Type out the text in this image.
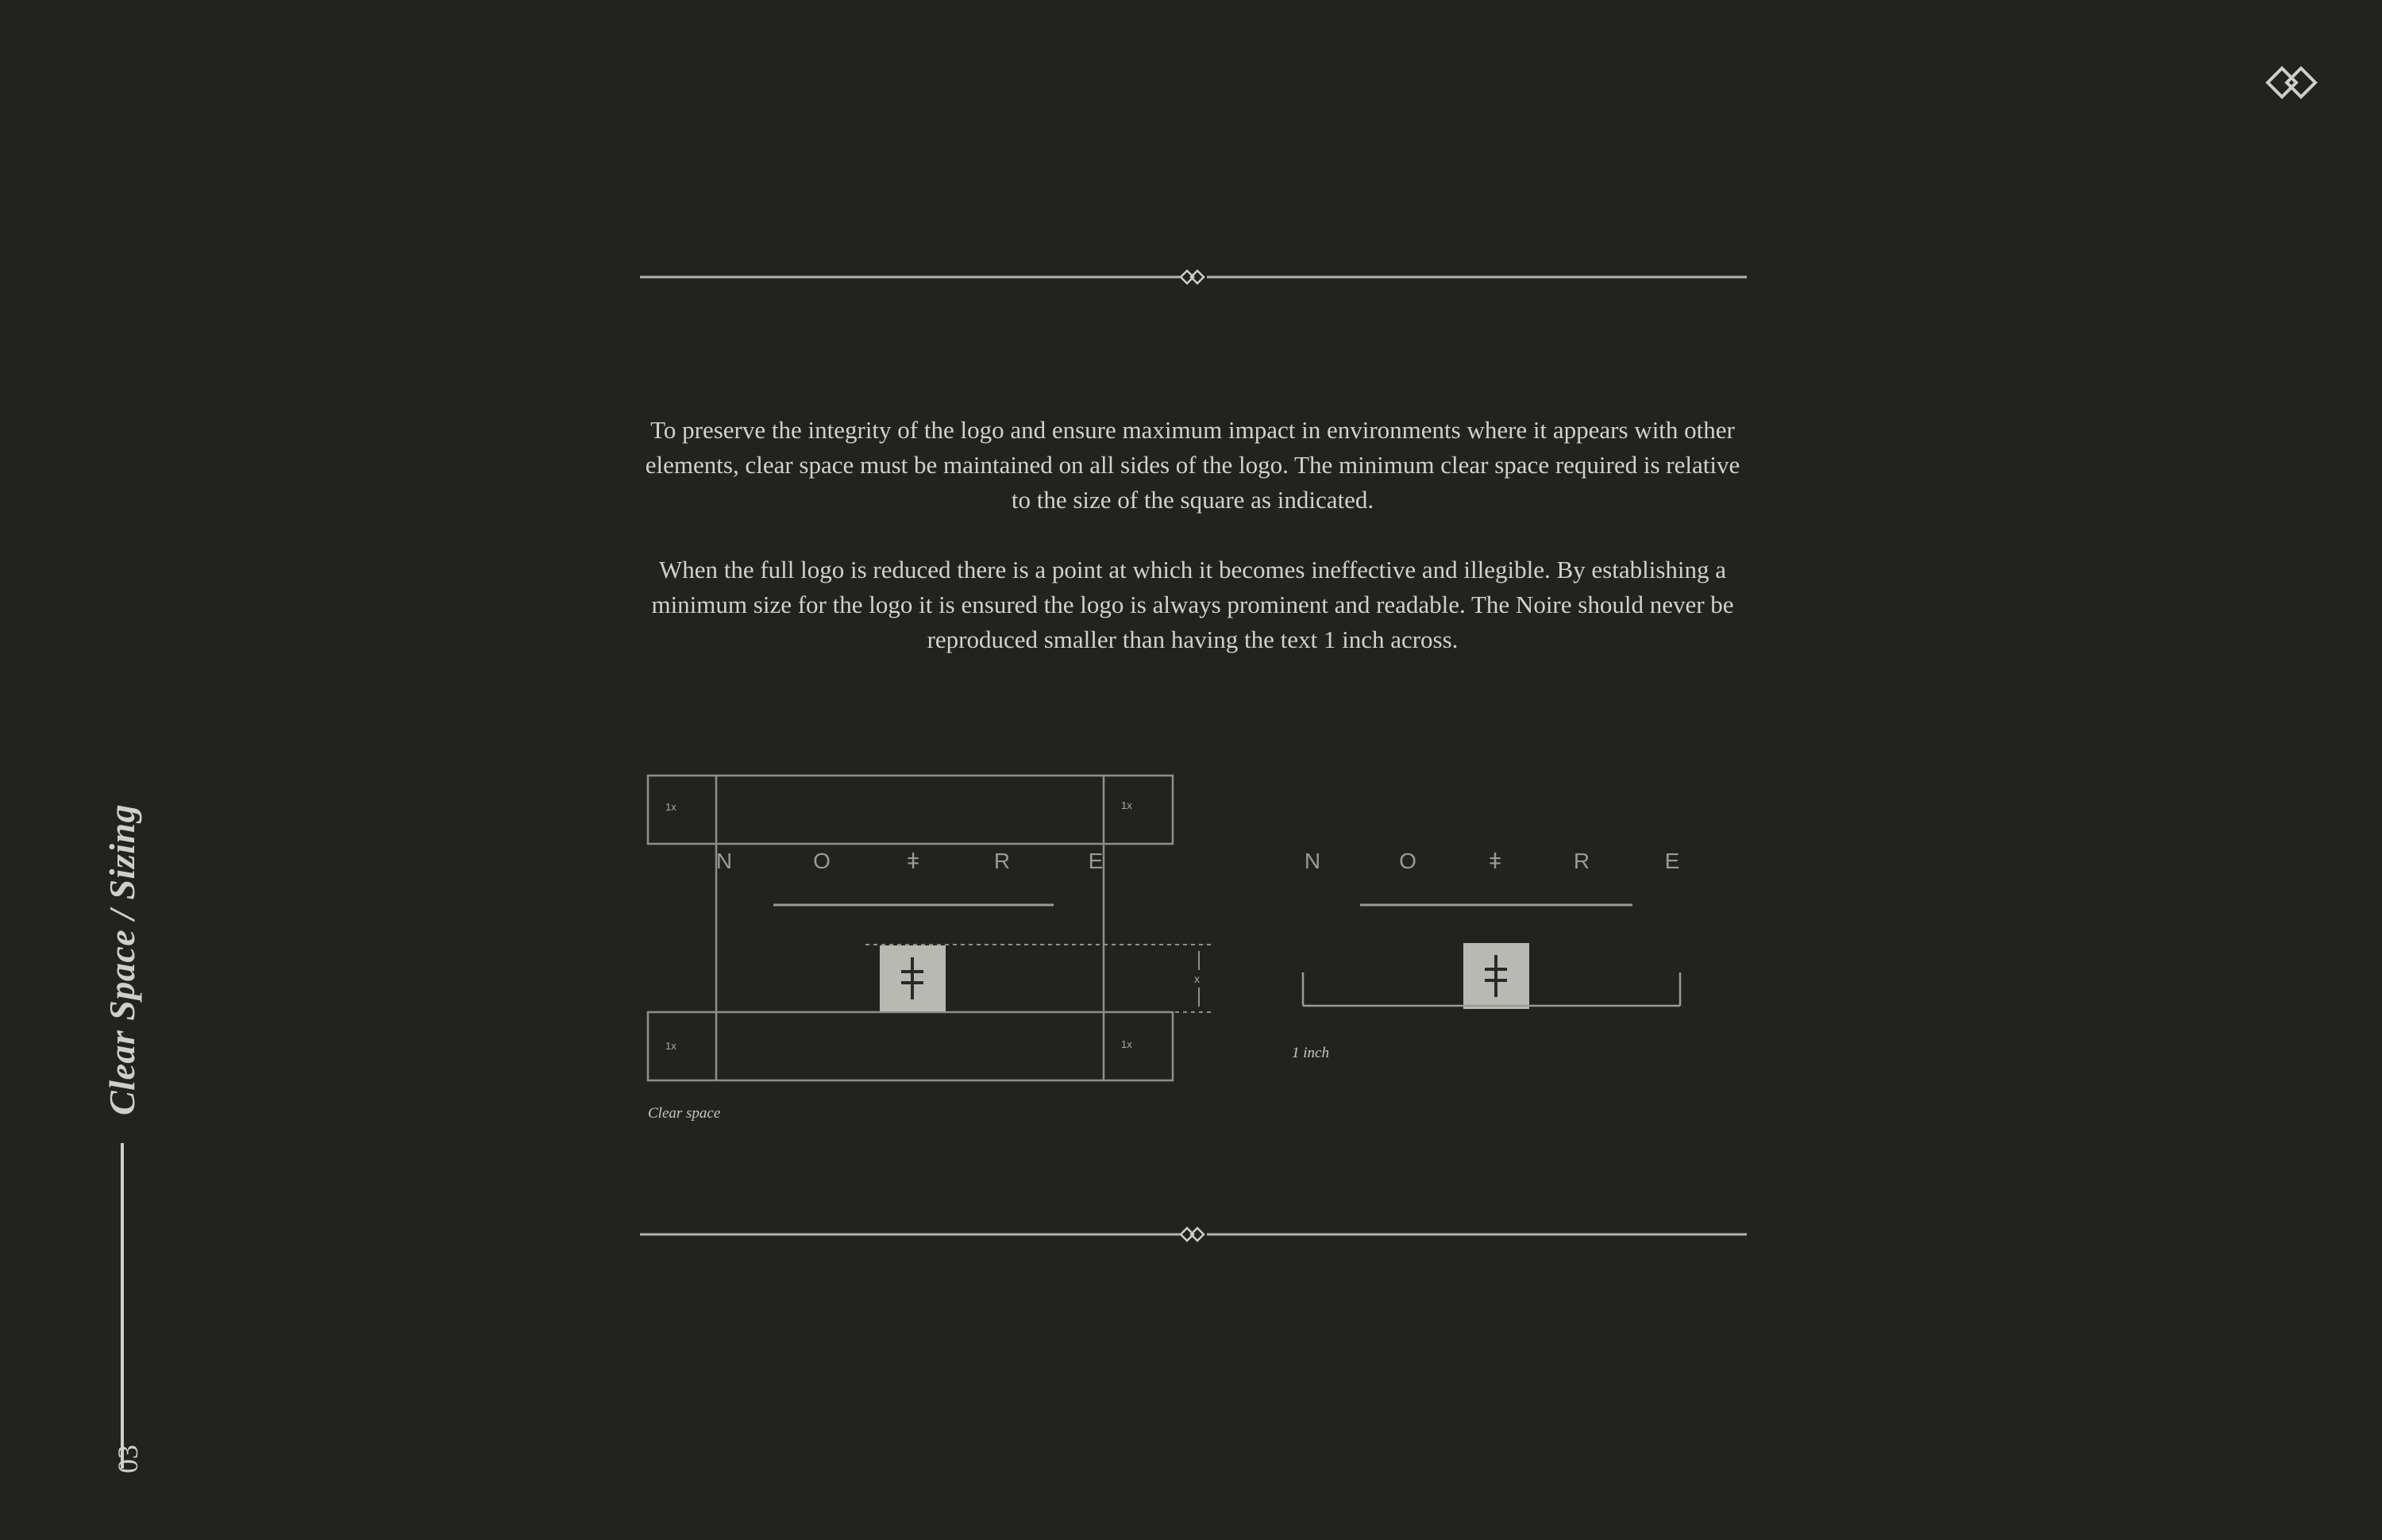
To preserve the integrity of the logo and ensure maximum impact in environments where it appears with other elements, clear space must be maintained on all sides of the logo. The minimum clear space required is relative to the size of the square as indicated.

When the full logo is reduced there is a point at which it becomes ineffective and illegible. By establishing a minimum size for the logo it is ensured the logo is always prominent and readable. The Noire should never be reproduced smaller than having the text 1 inch across.

1x	1x
1x	1x
x
N	O	ǂ	R	E
Clear space
N	O	ǂ	R	E
1 inch
Clear Space / Sizing
03
